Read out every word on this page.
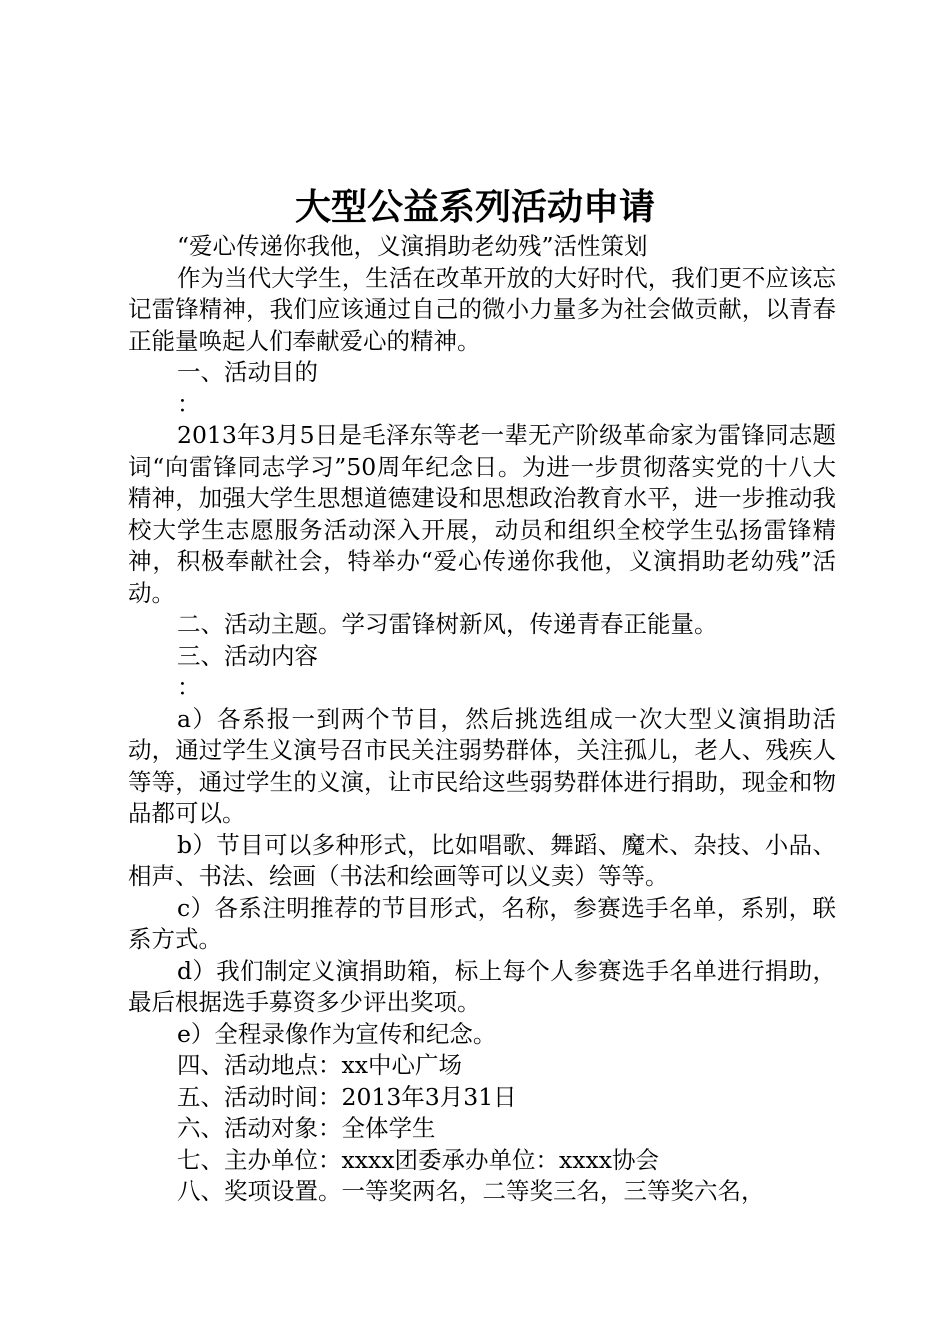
大型公益系列活动申请

“爱心传递你我他，义演捐助老幼残”活性策划

作为当代大学生，生活在改革开放的大好时代，我们更不应该忘记雷锋精神，我们应该通过自己的微小力量多为社会做贡献，以青春正能量唤起人们奉献爱心的精神。

一、活动目的

：

2013年3月5日是毛泽东等老一辈无产阶级革命家为雷锋同志题词“向雷锋同志学习”50周年纪念日。为进一步贯彻落实党的十八大精神，加强大学生思想道德建设和思想政治教育水平，进一步推动我校大学生志愿服务活动深入开展，动员和组织全校学生弘扬雷锋精神，积极奉献社会，特举办“爱心传递你我他，义演捐助老幼残”活动。

二、活动主题。学习雷锋树新风，传递青春正能量。

三、活动内容

：

a）各系报一到两个节目，然后挑选组成一次大型义演捐助活动，通过学生义演号召市民关注弱势群体，关注孤儿，老人、残疾人等等，通过学生的义演，让市民给这些弱势群体进行捐助，现金和物品都可以。

b）节目可以多种形式，比如唱歌、舞蹈、魔术、杂技、小品、相声、书法、绘画（书法和绘画等可以义卖）等等。

c）各系注明推荐的节目形式，名称，参赛选手名单，系别，联系方式。

d）我们制定义演捐助箱，标上每个人参赛选手名单进行捐助，最后根据选手募资多少评出奖项。

e）全程录像作为宣传和纪念。

四、活动地点：xx中心广场

五、活动时间：2013年3月31日

六、活动对象：全体学生

七、主办单位：xxxx团委承办单位：xxxx协会

八、奖项设置。一等奖两名，二等奖三名，三等奖六名，
